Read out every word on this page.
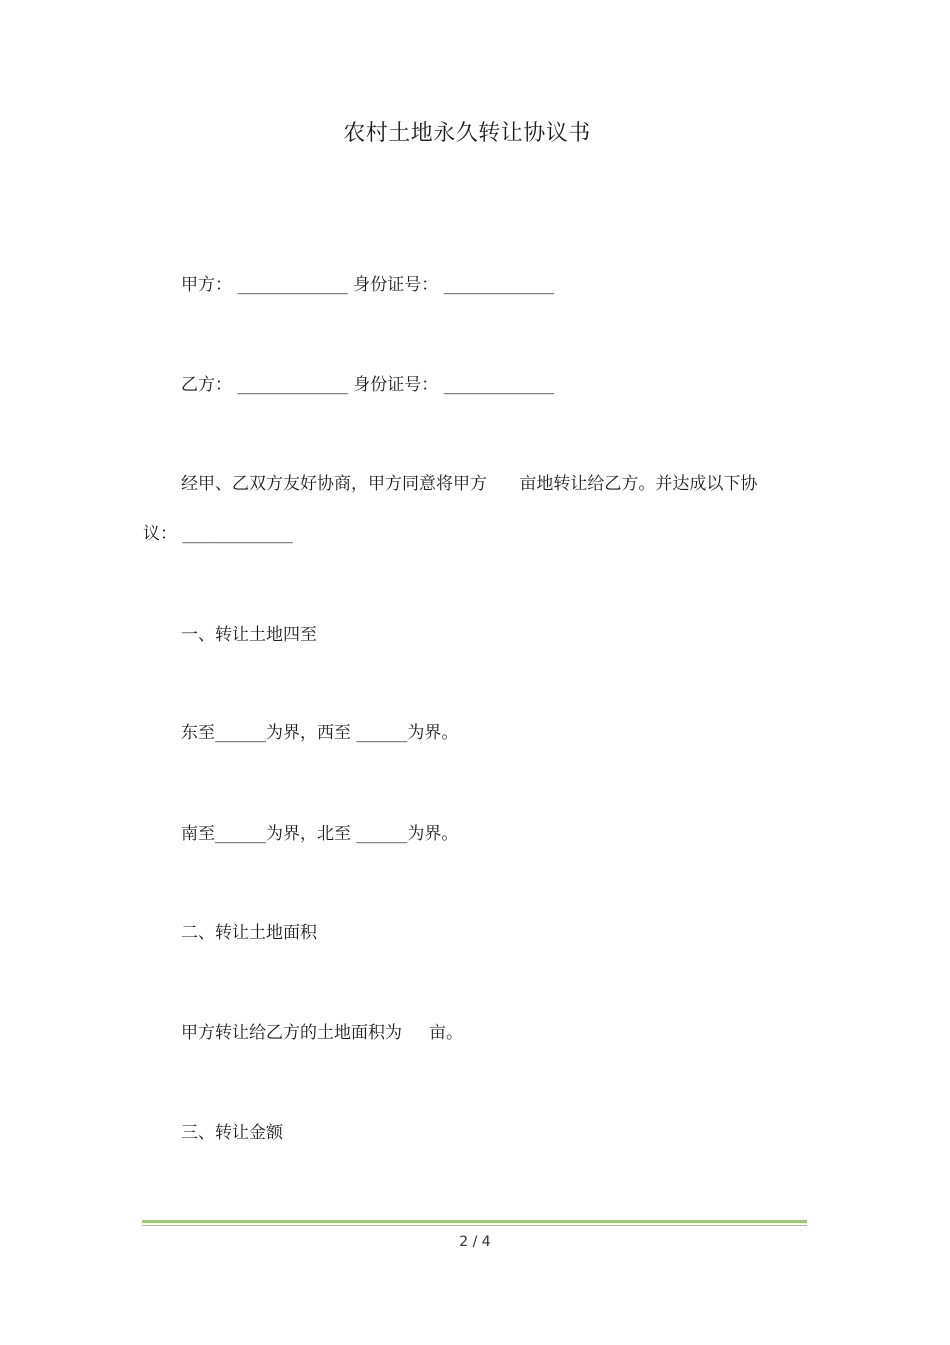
农村土地永久转让协议书
甲方： _____________ 身份证号： _____________
乙方： _____________ 身份证号： _____________
经甲、乙双方友好协商，甲方同意将甲方      亩地转让给乙方。并达成以下协
议： _____________
一、转让土地四至
东至______为界，西至 ______为界。
南至______为界，北至 ______为界。
二、转让土地面积
甲方转让给乙方的土地面积为     亩。
三、转让金额
2 / 4
